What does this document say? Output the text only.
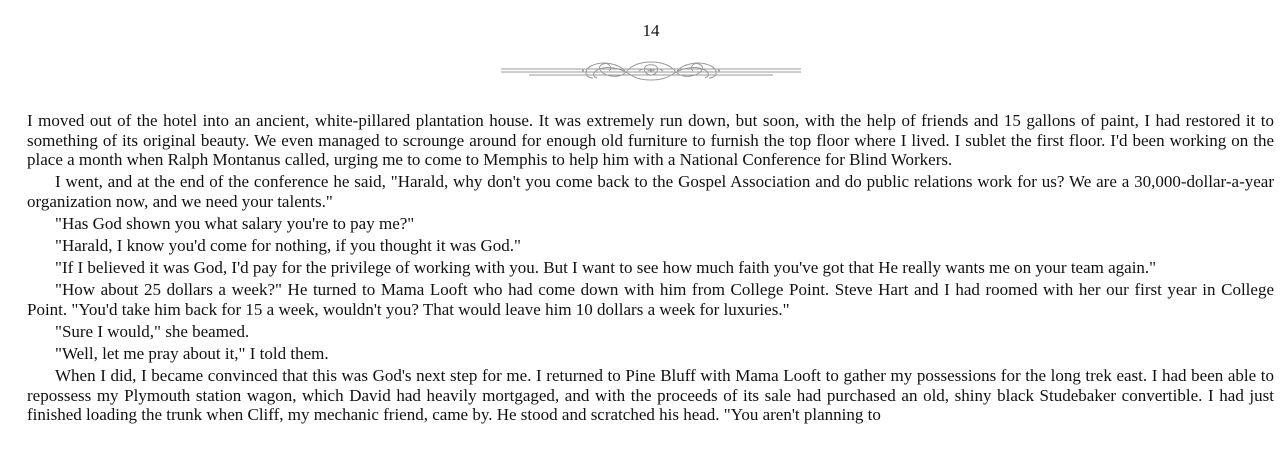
14

I moved out of the hotel into an ancient, white-pillared plantation house. It was extremely run down, but soon, with the help of friends and 15 gallons of paint, I had restored it to something of its original beauty. We even managed to scrounge around for enough old furniture to furnish the top floor where I lived. I sublet the first floor. I'd been working on the place a month when Ralph Montanus called, urging me to come to Memphis to help him with a National Conference for Blind Workers.

I went, and at the end of the conference he said, "Harald, why don't you come back to the Gospel Association and do public relations work for us? We are a 30,000-dollar-a-year organization now, and we need your talents."

"Has God shown you what salary you're to pay me?"

"Harald, I know you'd come for nothing, if you thought it was God."

"If I believed it was God, I'd pay for the privilege of working with you. But I want to see how much faith you've got that He really wants me on your team again."

"How about 25 dollars a week?" He turned to Mama Looft who had come down with him from College Point. Steve Hart and I had roomed with her our first year in College Point. "You'd take him back for 15 a week, wouldn't you? That would leave him 10 dollars a week for luxuries."

"Sure I would," she beamed.

"Well, let me pray about it," I told them.

When I did, I became convinced that this was God's next step for me. I returned to Pine Bluff with Mama Looft to gather my possessions for the long trek east. I had been able to repossess my Plymouth station wagon, which David had heavily mortgaged, and with the proceeds of its sale had purchased an old, shiny black Studebaker convertible. I had just finished loading the trunk when Cliff, my mechanic friend, came by. He stood and scratched his head. "You aren't planning to
